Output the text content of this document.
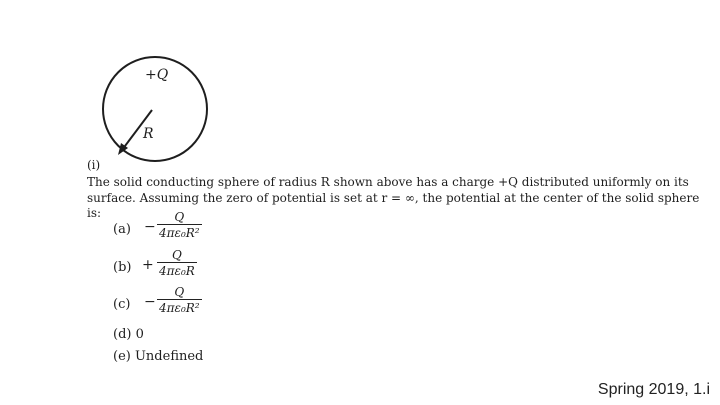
+Q
R
(i)
The solid conducting sphere of radius R shown above has a charge +Q distributed uniformly on its
surface. Assuming the zero of potential is set at r = ∞, the potential at the center of the solid sphere
is:
$(a) - \frac{Q}{\text{4πε₀R²}}$
$(b) + \frac{Q}{\text{4πε₀R}}$
$(c) - \frac{Q}{\text{4πε₀R²}}$
(d) 0
(e) Undefined
Spring 2019, 1.i
